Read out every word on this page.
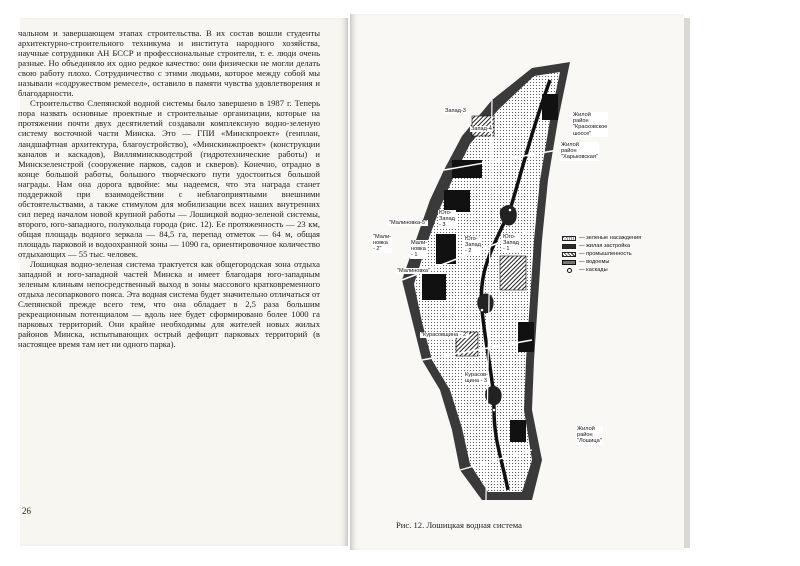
чальном и завершающем этапах строительства. В их состав вошли студенты архитектурно-строительного техникума и института народного хозяйства, научные сотрудники АН БССР и профессиональные строители, т. е. люди очень разные. Но объединяло их одно редкое качество: они физически не могли делать свою работу плохо. Сотрудничество с этими людьми, которое между собой мы называли «содружеством ремесел», оставило в памяти чувства удовлетворения и благодарности.

Строительство Слепянской водной системы было завершено в 1987 г. Теперь пора назвать основные проектные и строительные организации, которые на протяжении почти двух десятилетий создавали комплексную водно-зеленую систему восточной части Минска. Это — ГПИ «Минскпроект» (генплан, ландшафтная архитектура, благоустройство), «Минскинжпроект» (конструкции каналов и каскадов), Вилляминскводстрой (гидротехнические работы) и Минскзеленстрой (сооружение парков, садов и скверов). Конечно, отрадно в конце большой работы, большого творческого пути удостоиться большой награды. Нам она дорога вдвойне: мы надеемся, что эта награда станет поддержкой при взаимодействии с неблагоприятными внешними обстоятельствами, а также стимулом для мобилизации всех наших внутренних сил перед началом новой крупной работы — Лошицкой водно-зеленой системы, второго, юго-западного, полукольца города (рис. 12). Ее протяженность — 23 км, общая площадь водного зеркала — 84,5 га, перепад отметок — 64 м, общая площадь парковой и водоохранной зоны — 1090 га, ориентировочное количество отдыхающих — 55 тыс. человек.

Лошицкая водно-зеленая система трактуется как общегородская зона отдыха западной и юго-западной частей Минска и имеет благодаря юго-западным зеленым клиньям непосредственный выход в зоны массового кратковременного отдыха лесопаркового пояса. Эта водная система будет значительно отличаться от Слепянской прежде всего тем, что она обладает в 2,5 раза большим рекреационным потенциалом — вдоль нее будет сформировано более 1000 га парковых территорий. Они крайне необходимы для жителей новых жилых районов Минска, испытывающих острый дефицит парковых территорий (в настоящее время там нет ни одного парка).

26
Запад-3
Запад-4
Жилой
район
"Красковское
шоссе"
Жилой
район
"Харьковская"
"Малиновка-5"
Юго-
Запад
- 3
Юго-
Запад
- 2
Юго-
Запад
- 1
"Мали-
новка
- 2"
Мали-
новка
- 1
"Малиновка"
"Курасовщина - 2"
Курасов-
щина - 3
Жилой
район
"Лошица"
— зеленые насаждения
— жилая застройка
— промышленность
— водоемы
— каскады
Рис. 12. Лошицкая водная система
